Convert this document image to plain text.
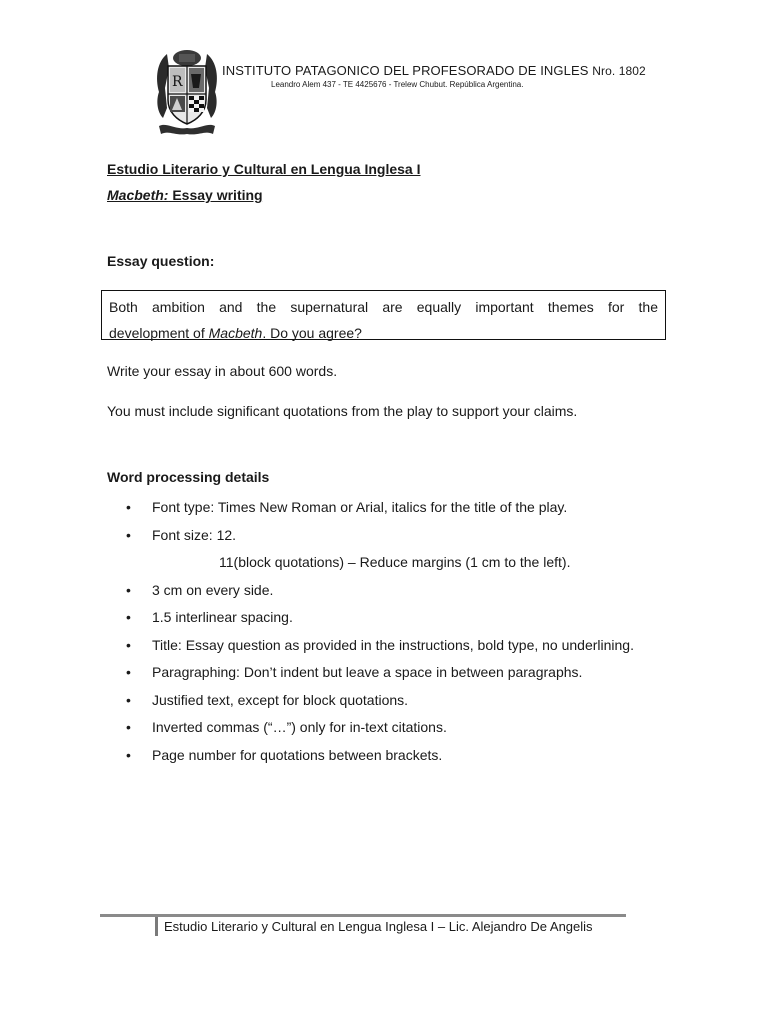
R
INSTITUTO PATAGONICO DEL PROFESORADO DE INGLES Nro. 1802
Leandro Alem 437 - TE 4425676 - Trelew Chubut. República Argentina.
Estudio Literario y Cultural en Lengua Inglesa I
Macbeth: Essay writing
Essay question:
Both ambition and the supernatural are equally important themes for the
development of Macbeth. Do you agree?
Write your essay in about 600 words.
You must include significant quotations from the play to support your claims.
Word processing details
• Font type: Times New Roman or Arial, italics for the title of the play.
• Font size: 12.
11(block quotations) – Reduce margins (1 cm to the left).
• 3 cm on every side.
• 1.5 interlinear spacing.
• Title: Essay question as provided in the instructions, bold type, no underlining.
• Paragraphing: Don’t indent but leave a space in between paragraphs.
• Justified text, except for block quotations.
• Inverted commas (“…”) only for in-text citations.
• Page number for quotations between brackets.
Estudio Literario y Cultural en Lengua Inglesa I – Lic. Alejandro De Angelis
